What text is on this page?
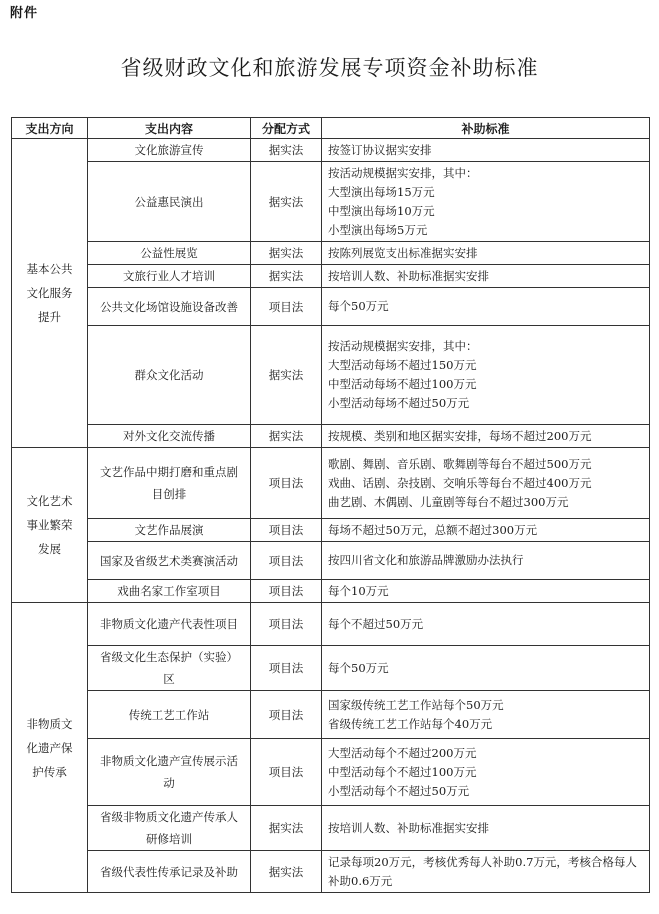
附件
省级财政文化和旅游发展专项资金补助标准
支出方向	支出内容	分配方式	补助标准
基本公共文化服务提升	文化旅游宣传	据实法	按签订协议据实安排

	公益惠民演出	据实法	按活动规模据实安排，其中：
大型演出每场15万元
中型演出每场10万元
小型演出每场5万元

	公益性展览	据实法	按陈列展览支出标准据实安排

	文旅行业人才培训	据实法	按培训人数、补助标准据实安排

	公共文化场馆设施设备改善	项目法	每个50万元

	群众文化活动	据实法	按活动规模据实安排，其中：
大型活动每场不超过150万元
中型活动每场不超过100万元
小型活动每场不超过50万元

	对外文化交流传播	据实法	按规模、类别和地区据实安排，每场不超过200万元

文化艺术事业繁荣发展	文艺作品中期打磨和重点剧目创排	项目法	歌剧、舞剧、音乐剧、歌舞剧等每台不超过500万元
戏曲、话剧、杂技剧、交响乐等每台不超过400万元
曲艺剧、木偶剧、儿童剧等每台不超过300万元

	文艺作品展演	项目法	每场不超过50万元，总额不超过300万元

	国家及省级艺术类赛演活动	项目法	按四川省文化和旅游品牌激励办法执行

	戏曲名家工作室项目	项目法	每个10万元

非物质文化遗产保护传承	非物质文化遗产代表性项目	项目法	每个不超过50万元

	省级文化生态保护（实验）区	项目法	每个50万元

	传统工艺工作站	项目法	国家级传统工艺工作站每个50万元
省级传统工艺工作站每个40万元

	非物质文化遗产宣传展示活动	项目法	大型活动每个不超过200万元
中型活动每个不超过100万元
小型活动每个不超过50万元

	省级非物质文化遗产传承人研修培训	据实法	按培训人数、补助标准据实安排

	省级代表性传承记录及补助	据实法	记录每项20万元，考核优秀每人补助0.7万元，考核合格每人补助0.6万元
